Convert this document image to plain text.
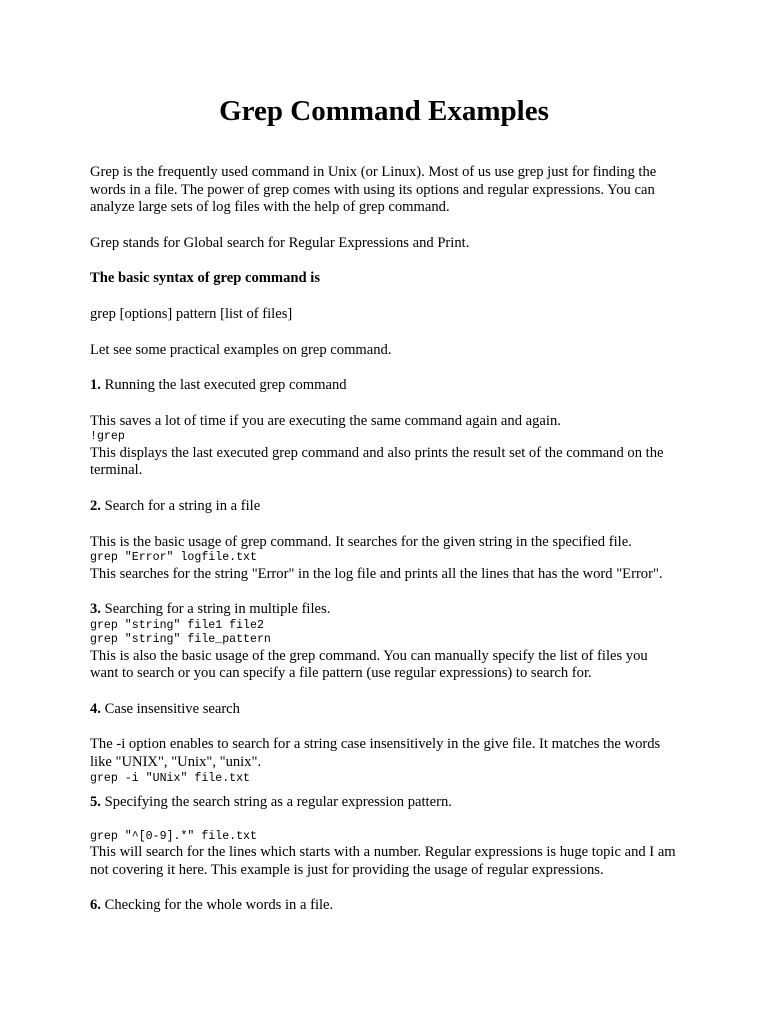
Grep Command Examples

Grep is the frequently used command in Unix (or Linux). Most of us use grep just for finding the words in a file. The power of grep comes with using its options and regular expressions. You can analyze large sets of log files with the help of grep command.

Grep stands for Global search for Regular Expressions and Print.

The basic syntax of grep command is

grep [options] pattern [list of files]

Let see some practical examples on grep command.

1. Running the last executed grep command

This saves a lot of time if you are executing the same command again and again.

!grep

This displays the last executed grep command and also prints the result set of the command on the terminal.

2. Search for a string in a file

This is the basic usage of grep command. It searches for the given string in the specified file.

grep "Error" logfile.txt

This searches for the string "Error" in the log file and prints all the lines that has the word "Error".

3. Searching for a string in multiple files.

grep "string" file1 file2
grep "string" file_pattern

This is also the basic usage of the grep command. You can manually specify the list of files you want to search or you can specify a file pattern (use regular expressions) to search for.

4. Case insensitive search

The -i option enables to search for a string case insensitively in the give file. It matches the words like "UNIX", "Unix", "unix".

grep -i "UNix" file.txt

5. Specifying the search string as a regular expression pattern.

grep "^[0-9].*" file.txt

This will search for the lines which starts with a number. Regular expressions is huge topic and I am not covering it here. This example is just for providing the usage of regular expressions.

6. Checking for the whole words in a file.
